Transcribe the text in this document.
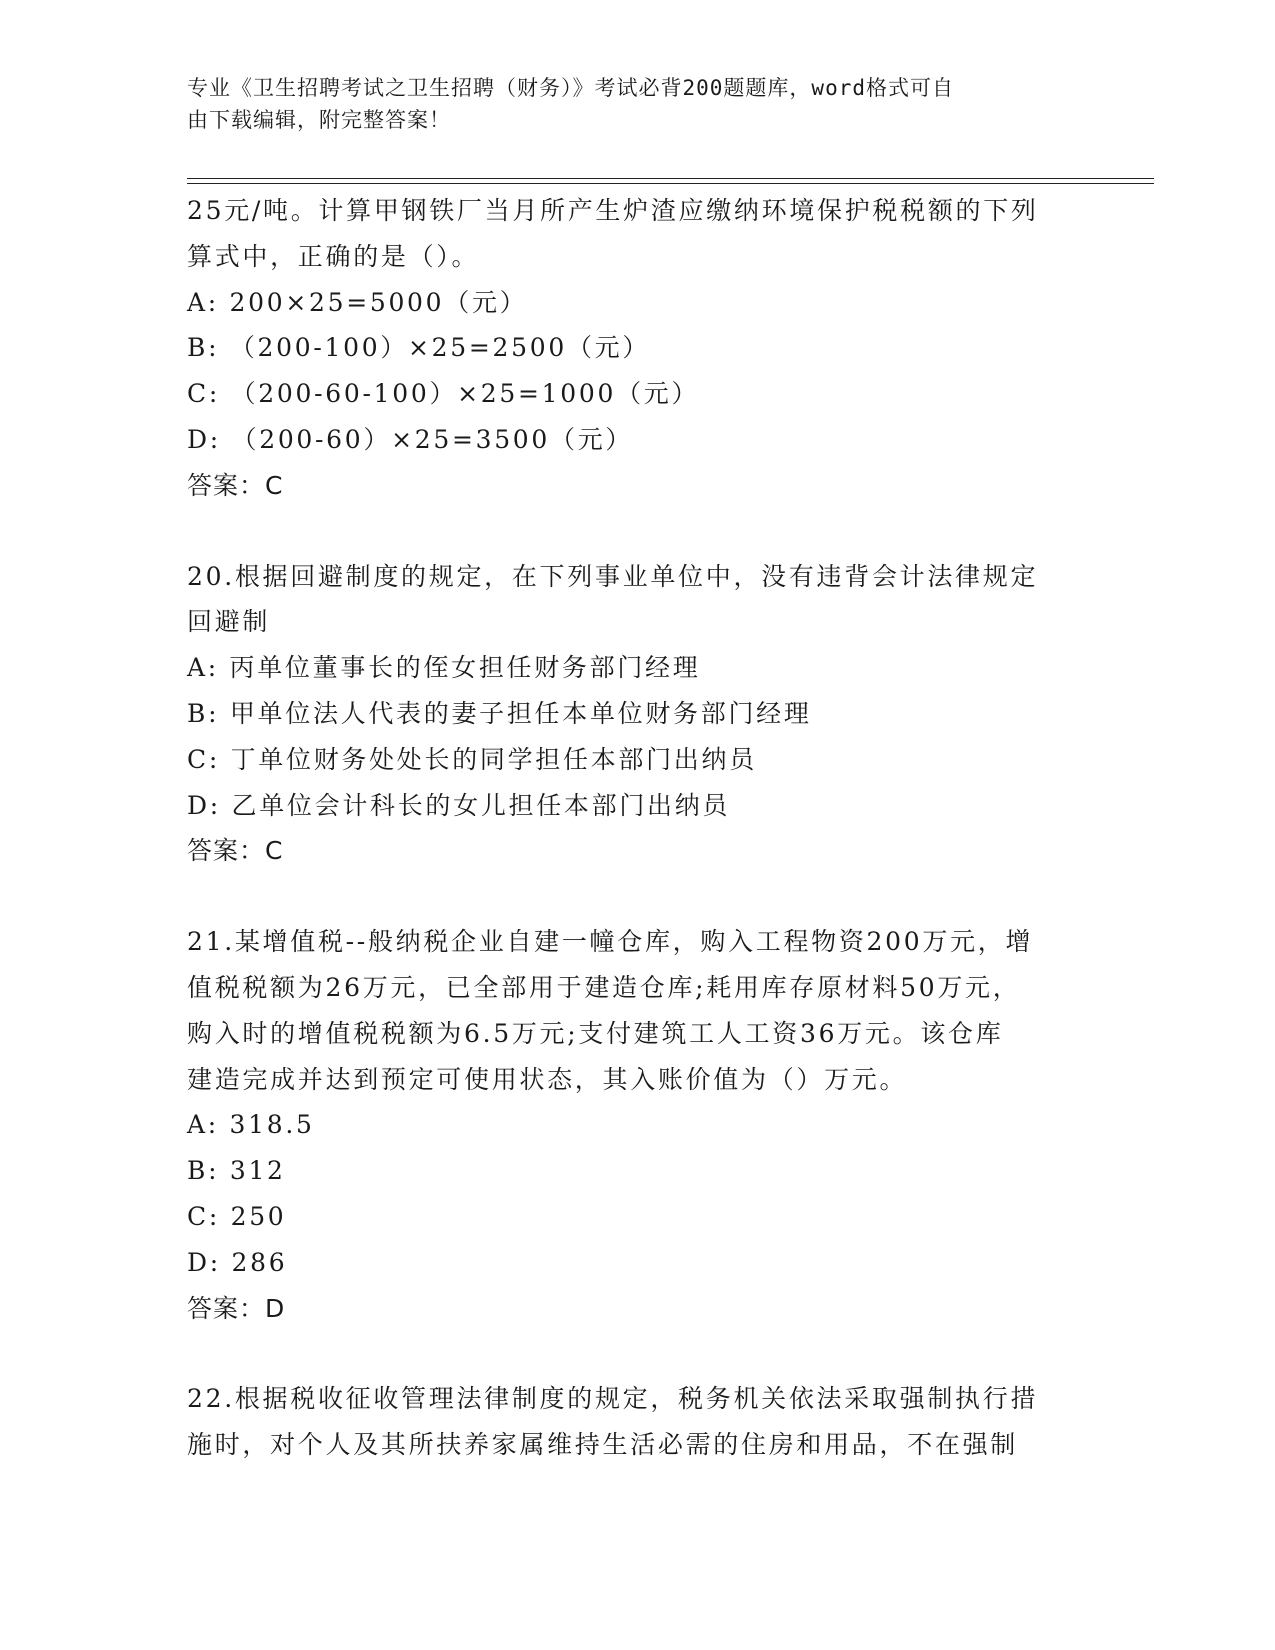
专业《卫生招聘考试之卫生招聘（财务）》考试必背200题题库，word格式可自
由下载编辑，附完整答案！

25元/吨。计算甲钢铁厂当月所产生炉渣应缴纳环境保护税税额的下列

算式中，正确的是（）。

A: 200×25=5000（元）

B: （200-100）×25=2500（元）

C: （200-60-100）×25=1000（元）

D: （200-60）×25=3500（元）

答案：C

20.根据回避制度的规定，在下列事业单位中，没有违背会计法律规定

回避制

A: 丙单位董事长的侄女担任财务部门经理

B: 甲单位法人代表的妻子担任本单位财务部门经理

C: 丁单位财务处处长的同学担任本部门出纳员

D: 乙单位会计科长的女儿担任本部门出纳员

答案：C

21.某增值税--般纳税企业自建一幢仓库，购入工程物资200万元，增

值税税额为26万元，已全部用于建造仓库;耗用库存原材料50万元，

购入时的增值税税额为6.5万元;支付建筑工人工资36万元。该仓库

建造完成并达到预定可使用状态，其入账价值为（）万元。

A: 318.5

B: 312

C: 250

D: 286

答案：D

22.根据税收征收管理法律制度的规定，税务机关依法采取强制执行措

施时，对个人及其所扶养家属维持生活必需的住房和用品，不在强制
